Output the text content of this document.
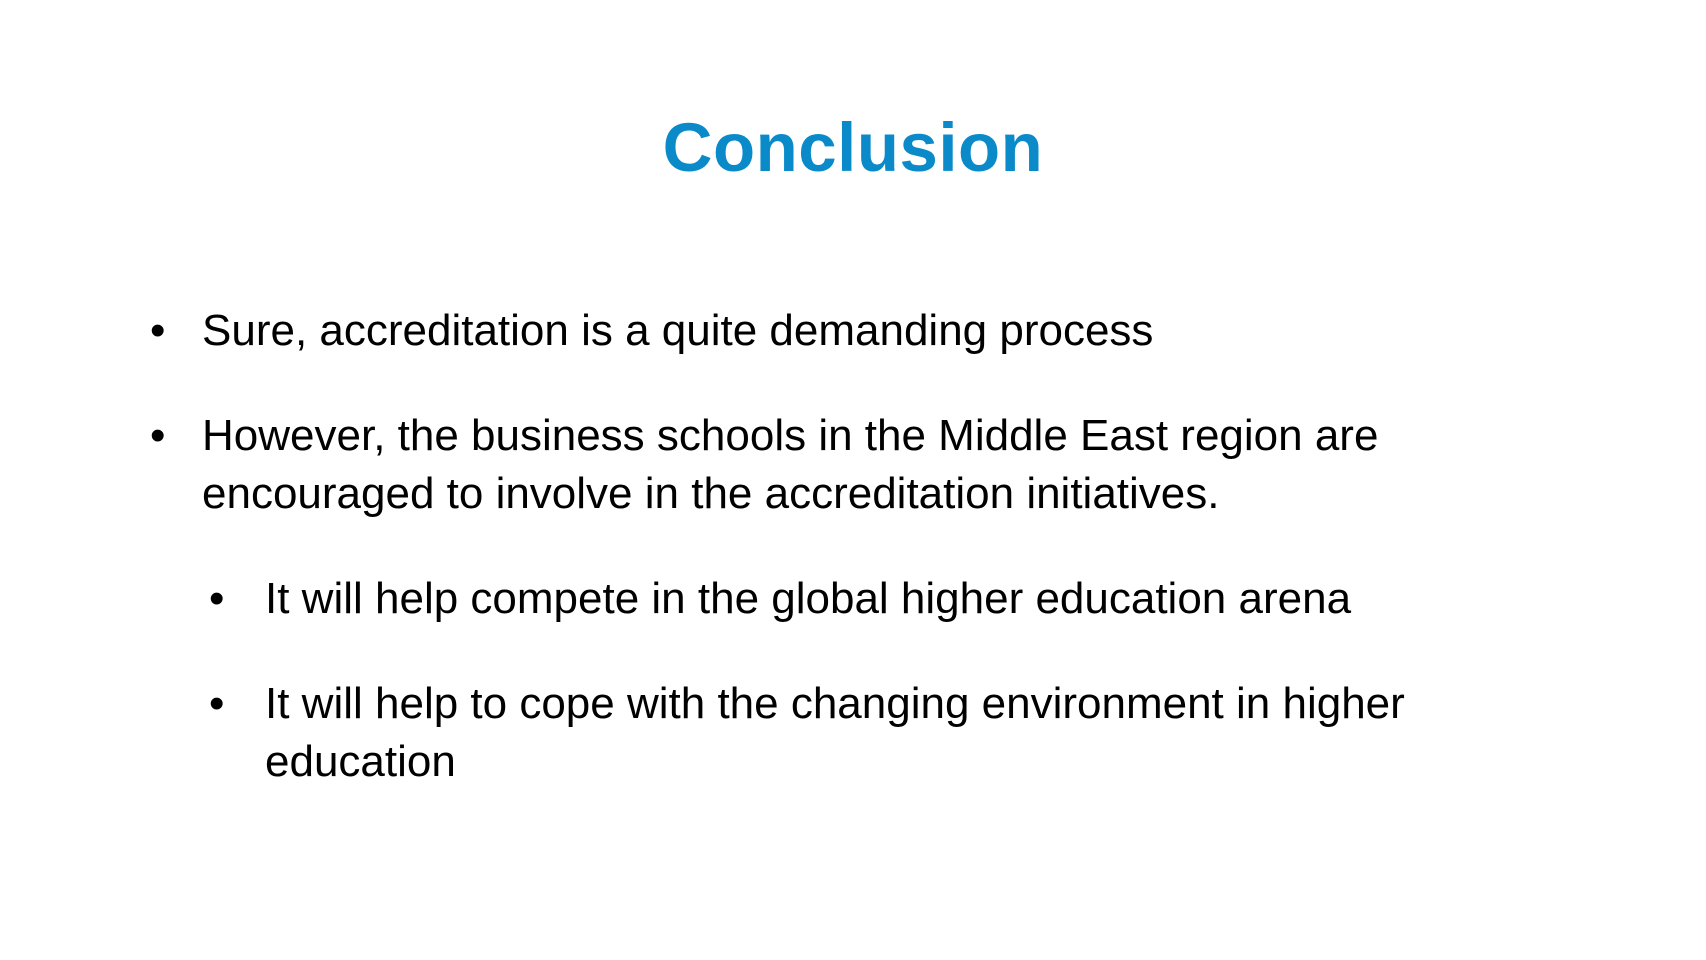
Conclusion
• Sure, accreditation is a quite demanding process
• However, the business schools in the Middle East region are encouraged to involve in the accreditation initiatives.
• It will help compete in the global higher education arena
• It will help to cope with the changing environment in higher education
